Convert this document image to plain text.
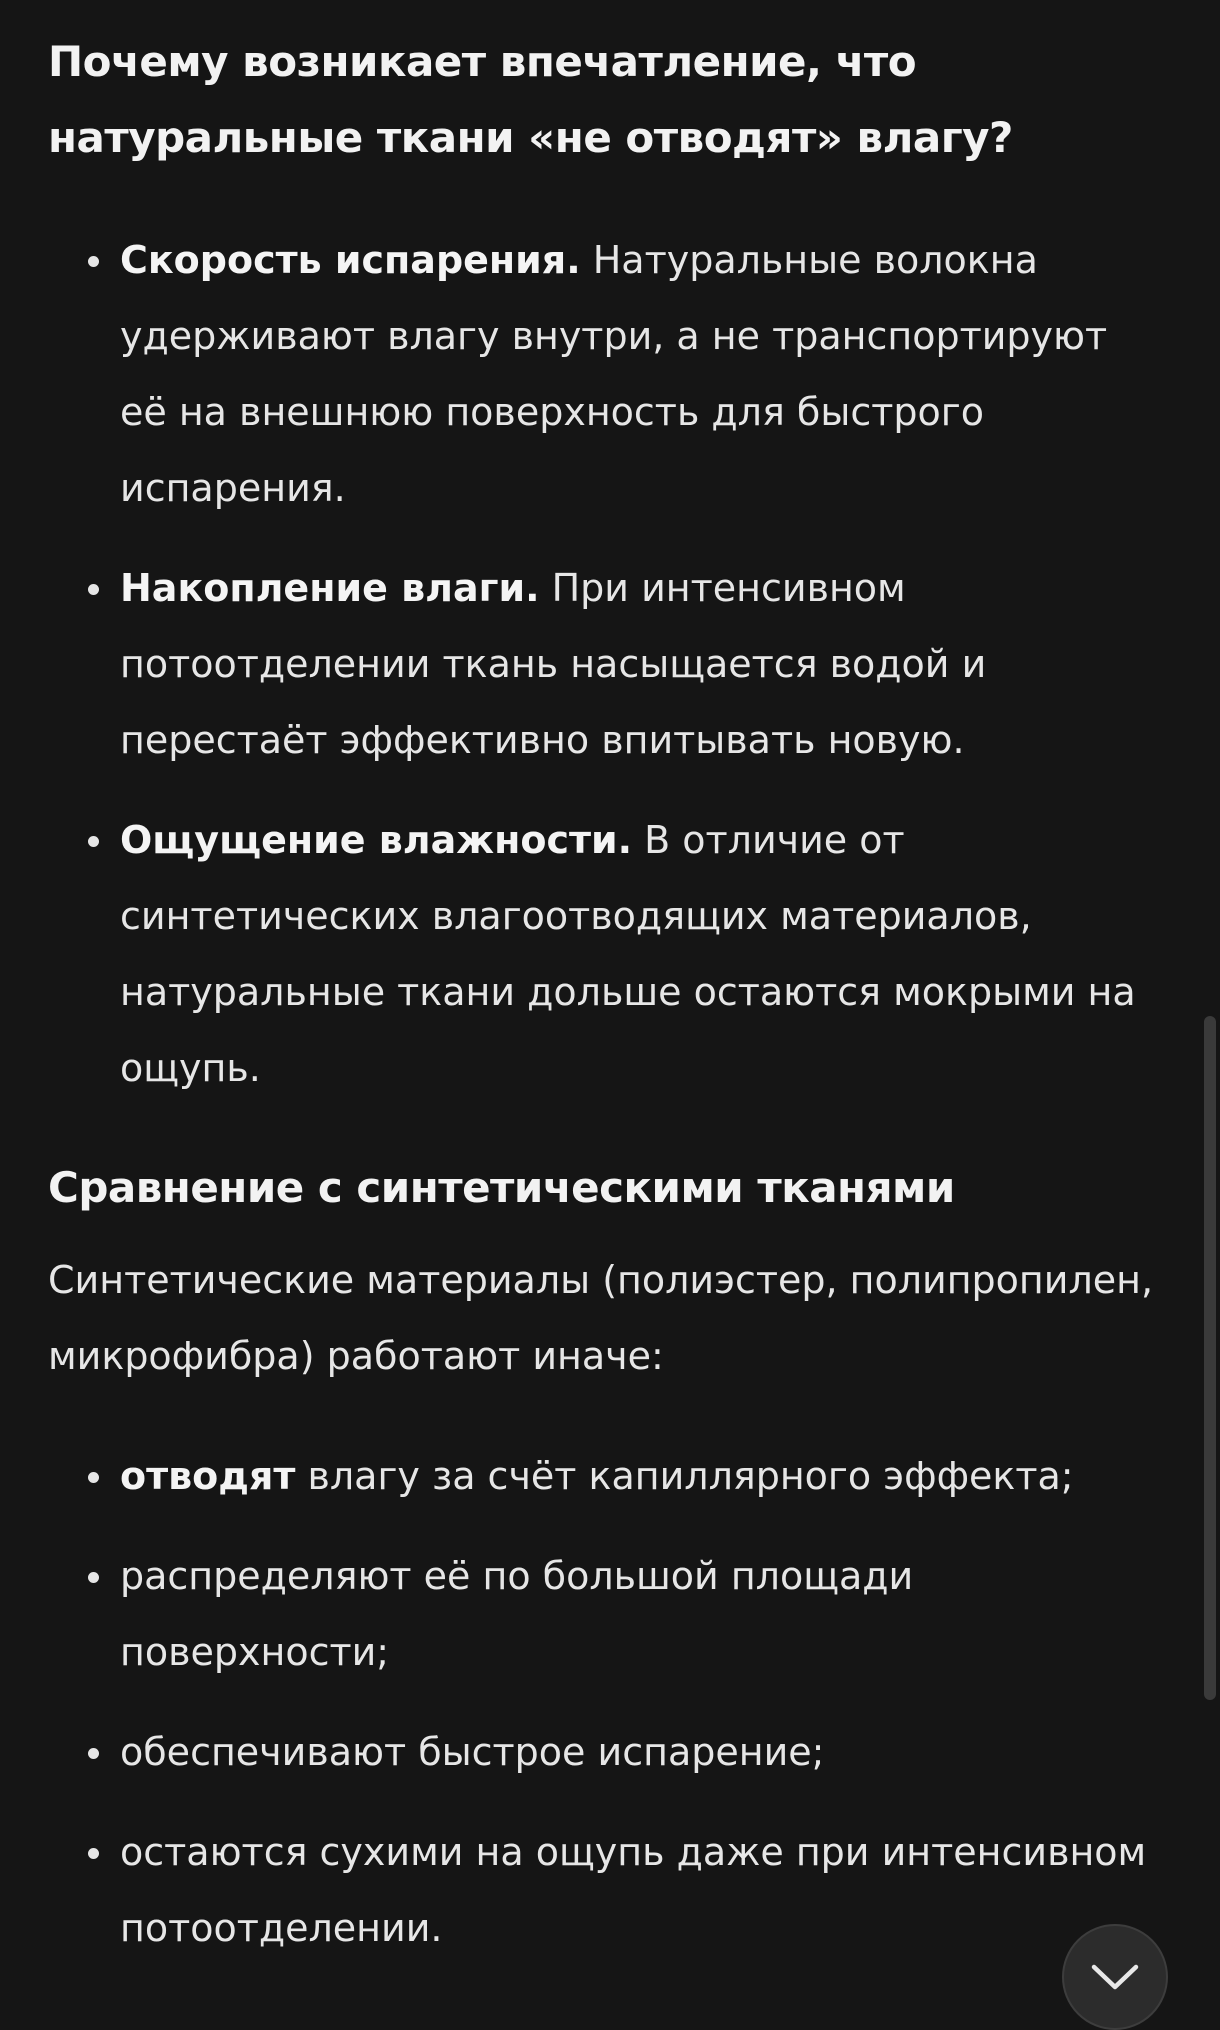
Почему возникает впечатление, что натуральные ткани «не отводят» влагу?
Скорость испарения. Натуральные волокна удерживают влагу внутри, а не транспортируют её на внешнюю поверхность для быстрого испарения.
Накопление влаги. При интенсивном потоотделении ткань насыщается водой и перестаёт эффективно впитывать новую.
Ощущение влажности. В отличие от синтетических влагоотводящих материалов, натуральные ткани дольше остаются мокрыми на ощупь.
Сравнение с синтетическими тканями

Синтетические материалы (полиэстер, полипропилен, микрофибра) работают иначе:

отводят влагу за счёт капиллярного эффекта;
распределяют её по большой площади поверхности;
обеспечивают быстрое испарение;
остаются сухими на ощупь даже при интенсивном потоотделении.
